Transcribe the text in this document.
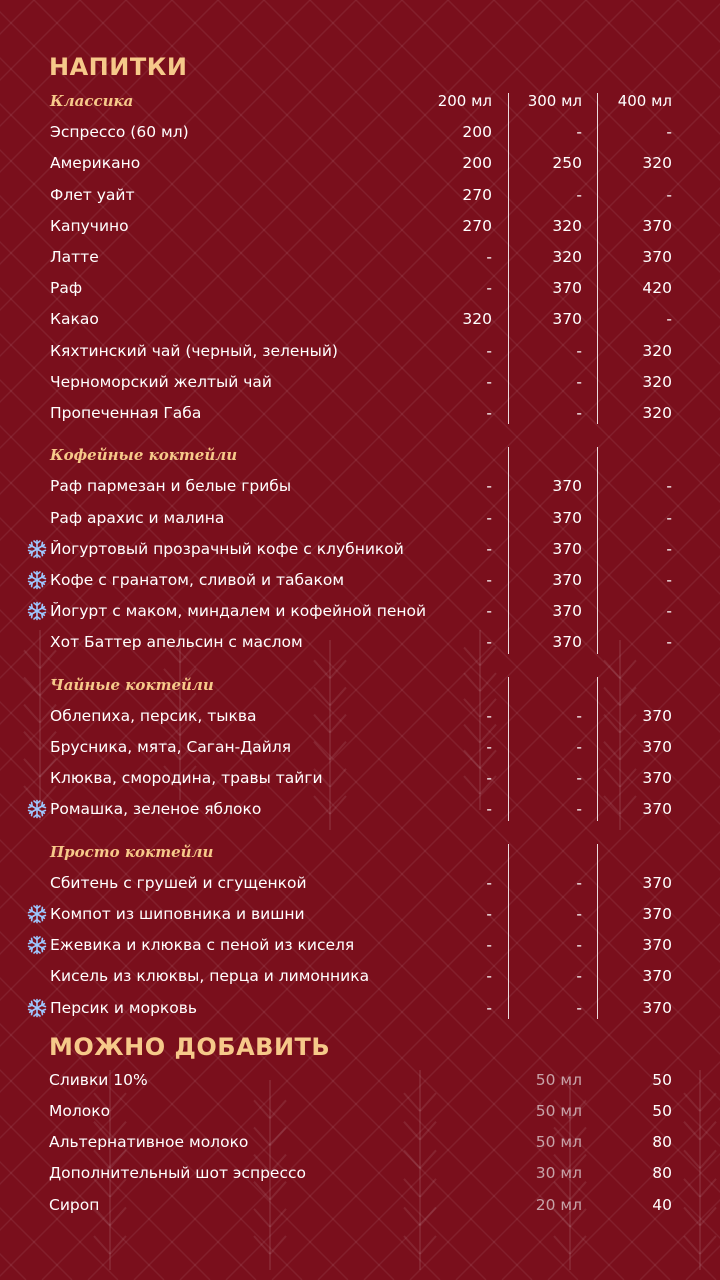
НАПИТКИ
Классика	200 мл	300 мл	400 мл
Эспрессо (60 мл)	200	-	-
Американо	200	250	320
Флет уайт	270	-	-
Капучино	270	320	370
Латте	-	320	370
Раф	-	370	420
Какао	320	370	-
Кяхтинский чай (черный, зеленый)	-	-	320
Черноморский желтый чай	-	-	320
Пропеченная Габа	-	-	320
Кофейные коктейли
Раф пармезан и белые грибы	-	370	-
Раф арахис и малина	-	370	-
Йогуртовый прозрачный кофе с клубникой	-	370	-
Кофе с гранатом, сливой и табаком	-	370	-
Йогурт с маком, миндалем и кофейной пеной	-	370	-
Хот Баттер апельсин с маслом	-	370	-
Чайные коктейли
Облепиха, персик, тыква	-	-	370
Брусника, мята, Саган-Дайля	-	-	370
Клюква, смородина, травы тайги	-	-	370
Ромашка, зеленое яблоко	-	-	370
Просто коктейли
Сбитень с грушей и сгущенкой	-	-	370
Компот из шиповника и вишни	-	-	370
Ежевика и клюква с пеной из киселя	-	-	370
Кисель из клюквы, перца и лимонника	-	-	370
Персик и морковь	-	-	370
МОЖНО ДОБАВИТЬ
Сливки 10%	50 мл	50
Молоко	50 мл	50
Альтернативное молоко	50 мл	80
Дополнительный шот эспрессо	30 мл	80
Сироп	20 мл	40
